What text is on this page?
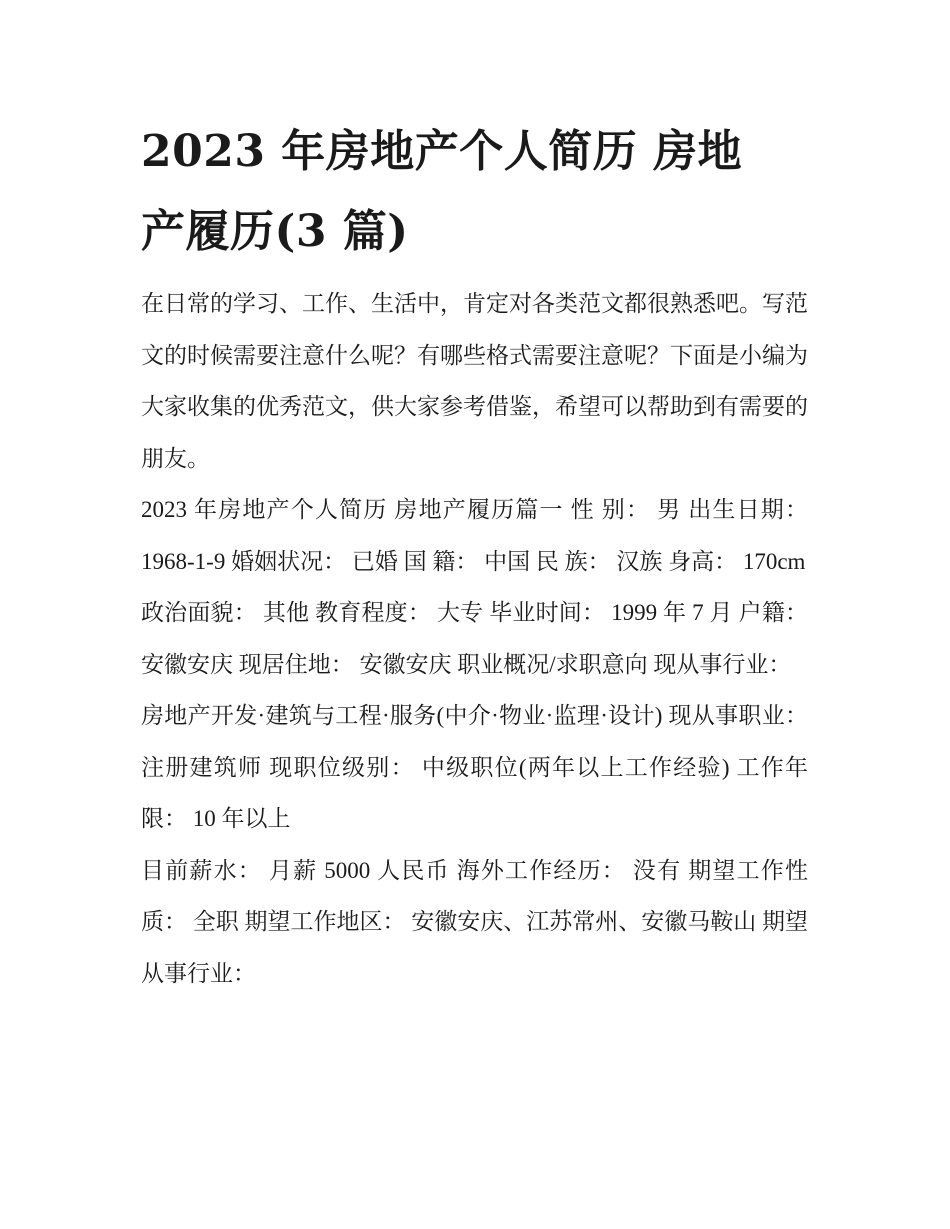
2023 年房地产个人简历 房地
产履历(3 篇)

在日常的学习、工作、生活中，肯定对各类范文都很熟悉吧。写范文的时候需要注意什么呢？有哪些格式需要注意呢？下面是小编为大家收集的优秀范文，供大家参考借鉴，希望可以帮助到有需要的朋友。

2023 年房地产个人简历 房地产履历篇一 性 别： 男 出生日期： 1968-1-9 婚姻状况： 已婚 国 籍： 中国 民 族： 汉族 身高： 170cm

政治面貌： 其他 教育程度： 大专 毕业时间： 1999 年 7 月 户籍： 安徽安庆 现居住地： 安徽安庆 职业概况/求职意向 现从事行业：

房地产开发·建筑与工程·服务(中介·物业·监理·设计) 现从事职业： 注册建筑师 现职位级别： 中级职位(两年以上工作经验) 工作年限： 10 年以上

目前薪水： 月薪 5000 人民币 海外工作经历： 没有 期望工作性质： 全职 期望工作地区： 安徽安庆、江苏常州、安徽马鞍山 期望从事行业：
